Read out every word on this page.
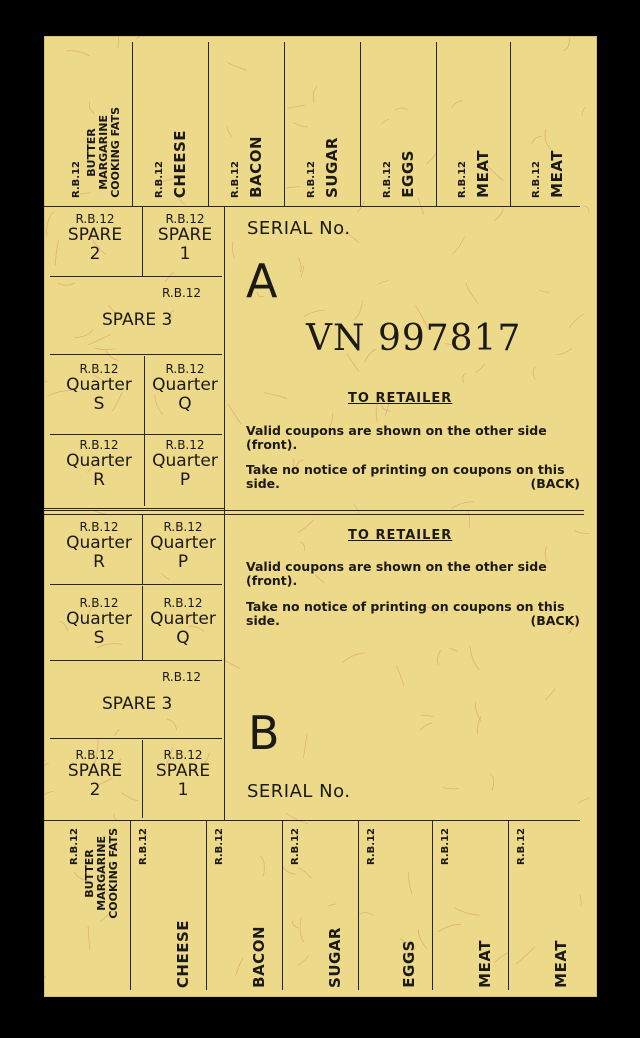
R.B.12
BUTTER MARGARINE COOKING FATS	R.B.12 CHEESE	R.B.12 BACON	R.B.12 SUGAR	R.B.12 EGGS	R.B.12 MEAT	R.B.12 MEAT
R.B.12
SPARE
2
R.B.12
SPARE
1
R.B.12
SPARE 3
R.B.12
Quarter
S
R.B.12
Quarter
Q
R.B.12
Quarter
R
R.B.12
Quarter
P
SERIAL No.
A
VN 997817
TO RETAILER
Valid coupons are shown on the other side (front).
Take no notice of printing on coupons on this side.	(BACK)
R.B.12
Quarter
R
R.B.12
Quarter
P
R.B.12
Quarter
S
R.B.12
Quarter
Q
R.B.12
SPARE 3
R.B.12
SPARE
2
R.B.12
SPARE
1
TO RETAILER
Valid coupons are shown on the other side (front).
Take no notice of printing on coupons on this side.	(BACK)
B
SERIAL No.
R.B.12
BUTTER MARGARINE COOKING FATS R.B.12
CHEESE
R.B.12
BACON
R.B.12
SUGAR
R.B.12
EGGS
R.B.12
MEAT
R.B.12
MEAT
